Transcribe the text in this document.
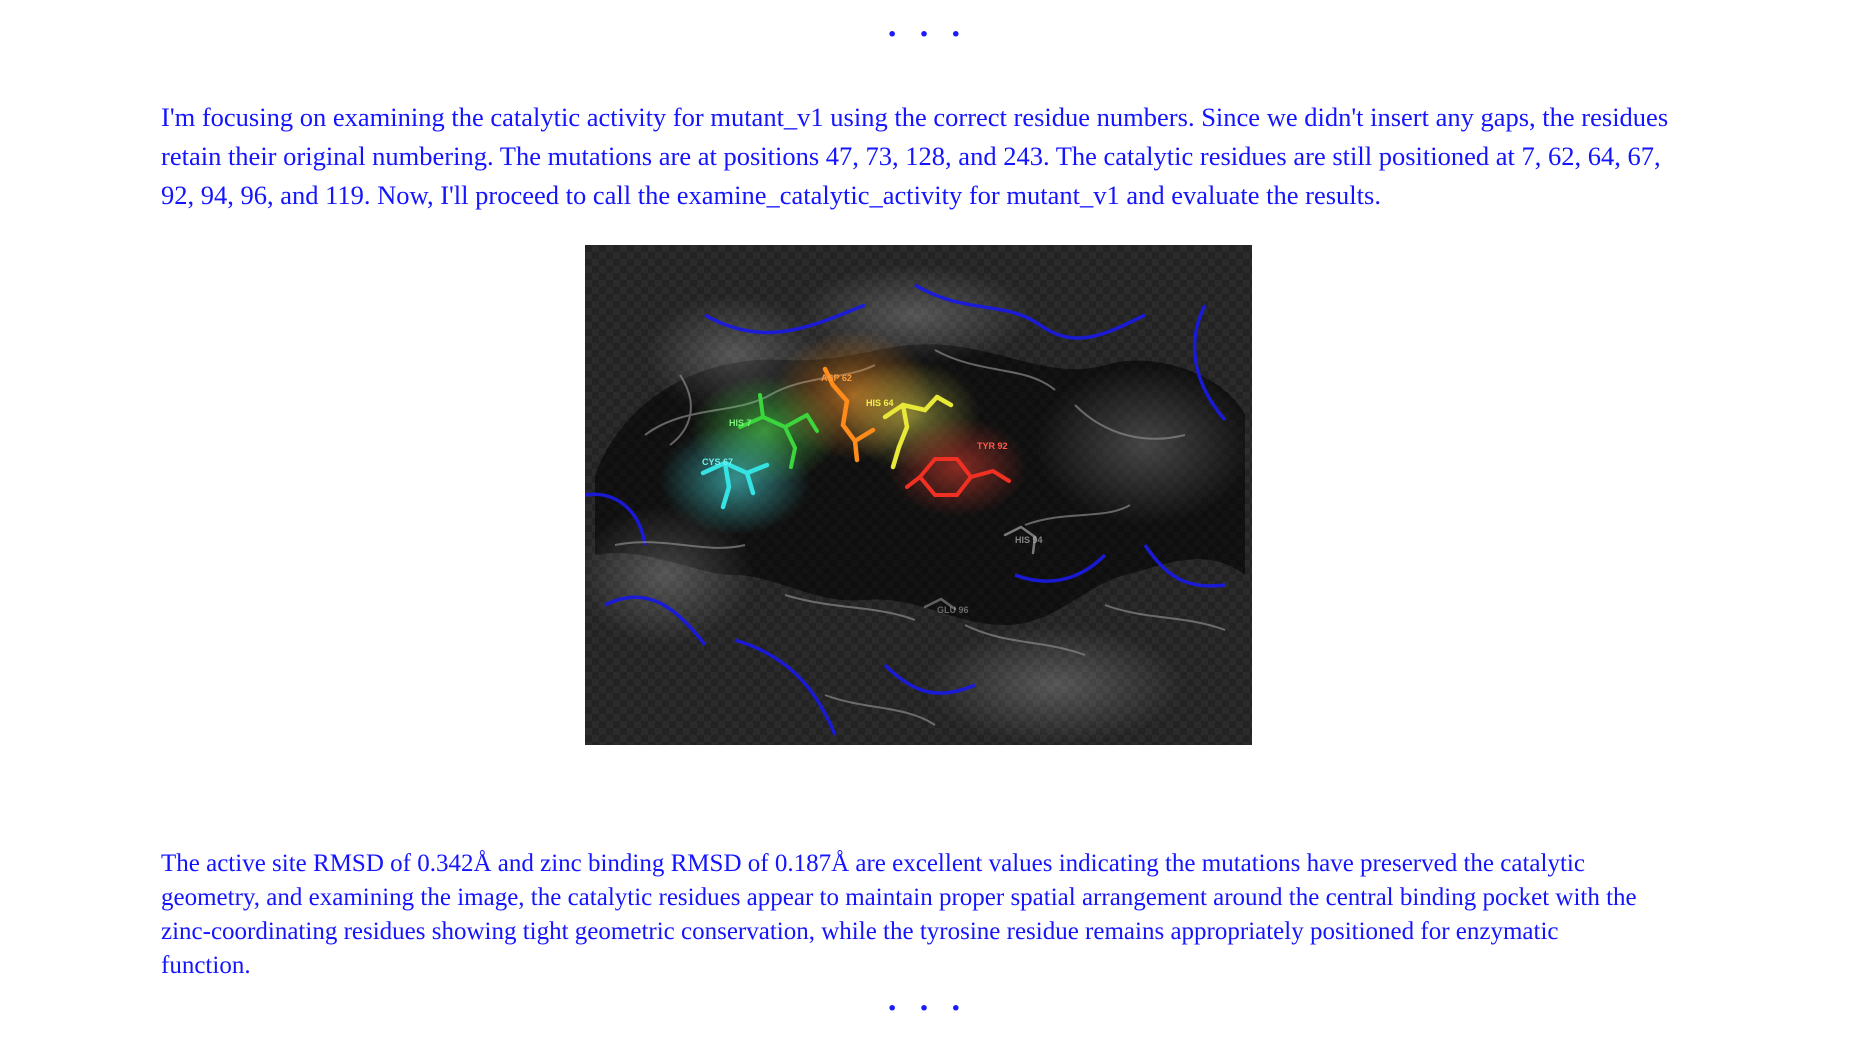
· · ·

I'm focusing on examining the catalytic activity for mutant_v1 using the correct residue numbers. Since we didn't insert any gaps, the residues retain their original numbering. The mutations are at positions 47, 73, 128, and 243. The catalytic residues are still positioned at 7, 62, 64, 67, 92, 94, 96, and 119. Now, I'll proceed to call the examine_catalytic_activity for mutant_v1 and evaluate the results.

HIS 7
ASP 62
HIS 64
CYS 67
TYR 92
HIS 94
GLU 96

The active site RMSD of 0.342Å and zinc binding RMSD of 0.187Å are excellent values indicating the mutations have preserved the catalytic geometry, and examining the image, the catalytic residues appear to maintain proper spatial arrangement around the central binding pocket with the zinc-coordinating residues showing tight geometric conservation, while the tyrosine residue remains appropriately positioned for enzymatic function.

· · ·
